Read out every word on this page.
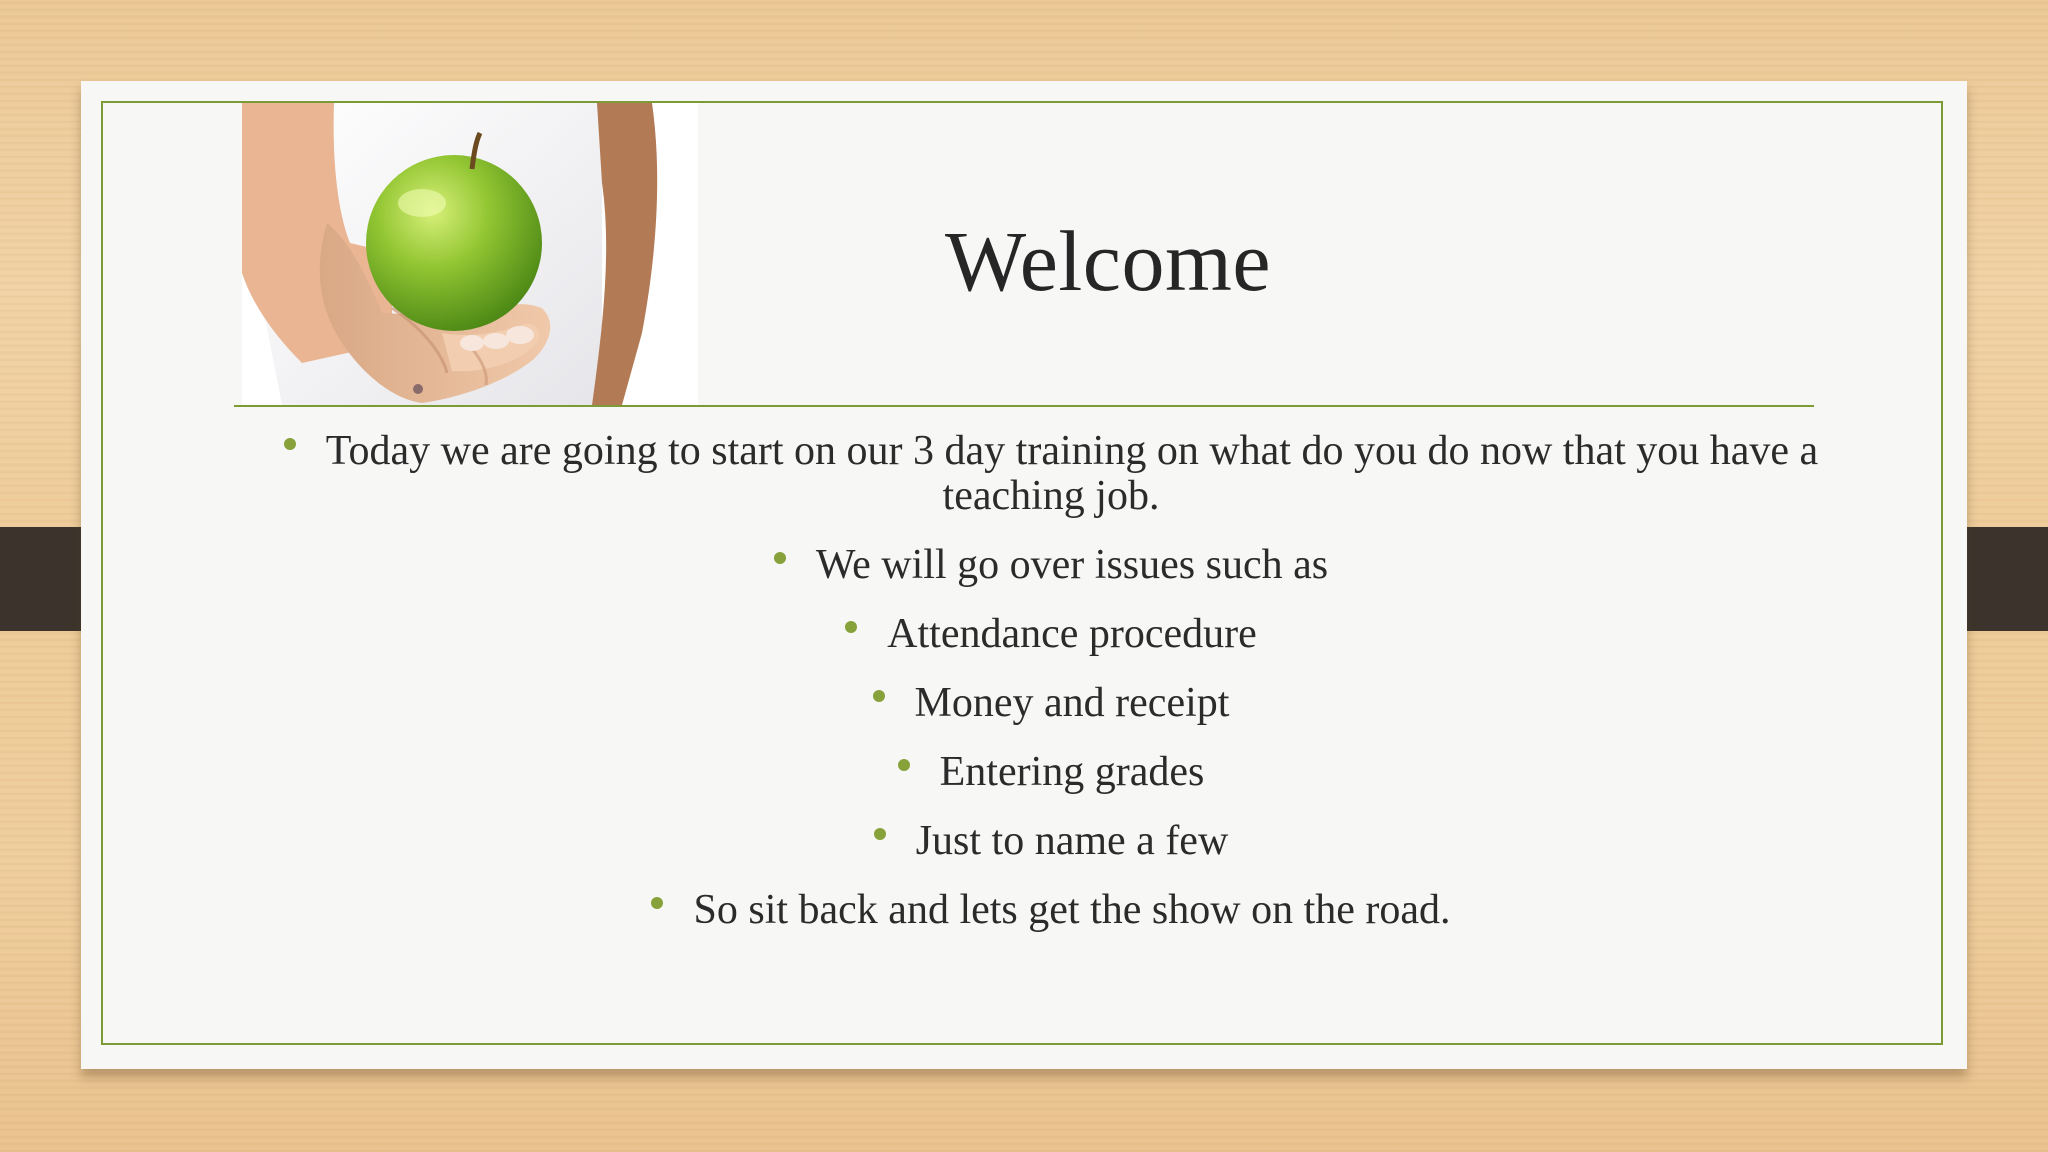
Welcome
Today we are going to start on our 3 day training on what do you do now that you have a teaching job.
We will go over issues such as
Attendance procedure
Money and receipt
Entering grades
Just to name a few
So sit back and lets get the show on the road.
